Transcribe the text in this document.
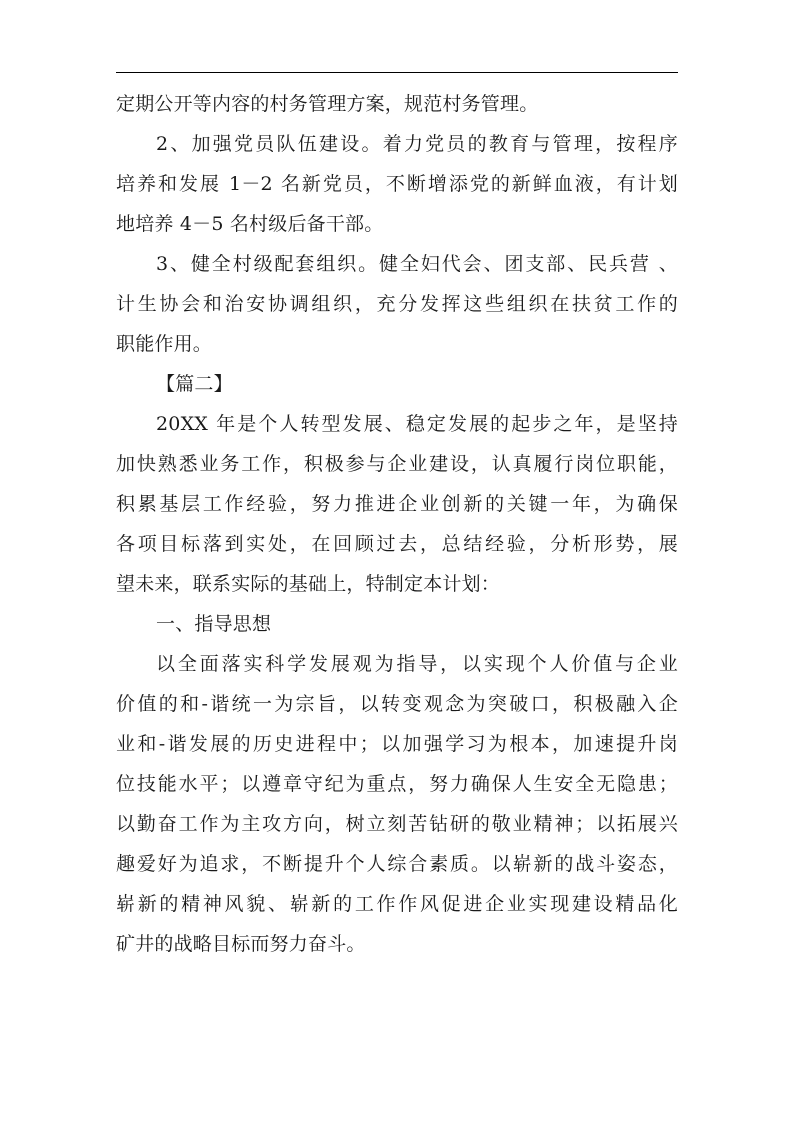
定期公开等内容的村务管理方案，规范村务管理。
2、加强党员队伍建设。着力党员的教育与管理，按程序
培养和发展 1－2 名新党员，不断增添党的新鲜血液，有计划
地培养 4－5 名村级后备干部。
3、健全村级配套组织。健全妇代会、团支部、民兵营 、
计生协会和治安协调组织，充分发挥这些组织在扶贫工作的
职能作用。
【篇二】
20XX 年是个人转型发展、稳定发展的起步之年，是坚持
加快熟悉业务工作，积极参与企业建设，认真履行岗位职能，
积累基层工作经验，努力推进企业创新的关键一年，为确保
各项目标落到实处，在回顾过去，总结经验，分析形势，展
望未来，联系实际的基础上，特制定本计划：
一、指导思想
以全面落实科学发展观为指导，以实现个人价值与企业
价值的和-谐统一为宗旨，以转变观念为突破口，积极融入企
业和-谐发展的历史进程中；以加强学习为根本，加速提升岗
位技能水平；以遵章守纪为重点，努力确保人生安全无隐患；
以勤奋工作为主攻方向，树立刻苦钻研的敬业精神；以拓展兴
趣爱好为追求，不断提升个人综合素质。以崭新的战斗姿态，
崭新的精神风貌、崭新的工作作风促进企业实现建设精品化
矿井的战略目标而努力奋斗。
